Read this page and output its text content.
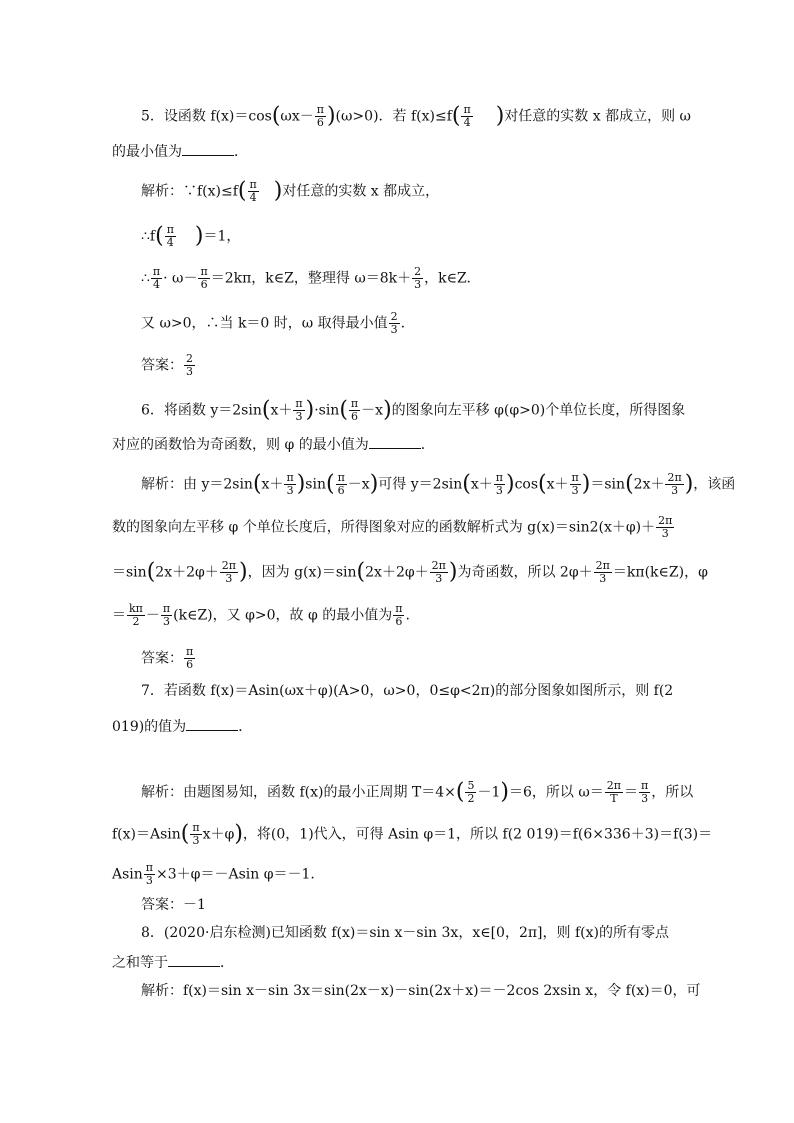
5．设函数 $f(x)=\cos(\omega x- \frac{\pi}{6} )(\omega>0)$．若 $f(x)\le f( \frac{\pi}{4}$ )对任意的实数 x 都成立，则 ω
的最小值为	．
解析：∵f(x)≤f( $\frac{\pi}{4}$ )对任意的实数 x 都成立，
∴f( $\frac{\pi}{4} )=1$，
∴ $\frac{\pi}{4} \cdot \omega- \frac{\pi}{6} =2k\pi$，k∈Z，整理得 $\omega=8k+ \frac{2}{3}$ ，k∈Z.
又 ω>0，∴当 k＝0 时，ω 取得最小值 $\frac{2}{3}$ .
答案： $\frac{2}{3}$
6．将函数 $y=2\sin(x+ \frac{\pi}{3} )\cdot\sin( \frac{\pi}{6} -x)$的图象向左平移 φ(φ>0)个单位长度，所得图象
对应的函数恰为奇函数，则 φ 的最小值为	．
解析：由 $y=2\sin(x+ \frac{\pi}{3} )\sin( \frac{\pi}{6} -x)$可得 $y=2\sin(x+ \frac{\pi}{3} )\cos(x+ \frac{\pi}{3} )=\sin(2x+ \frac{2\pi}{3}$ )，该函
数的图象向左平移 φ 个单位长度后，所得图象对应的函数解析式为 $g(x)=\sin 2(x+\varphi)+ \frac{2\pi}{3}$
$=\sin(2x+2\varphi+ \frac{2\pi}{3}$ )，因为 $g(x)=\sin(2x+2\varphi+ \frac{2\pi}{3}$ )为奇函数，所以 $2\varphi+ \frac{2\pi}{3}$ ＝kπ(k∈Z)，φ
＝ $\frac{k\pi}{2} - \frac{\pi}{3}$ (k∈Z)，又 φ>0，故 φ 的最小值为 $\frac{\pi}{6}$ .
答案： $\frac{\pi}{6}$
7．若函数 f(x)＝Asin(ωx＋φ)(A>0，ω>0，0≤φ<2π)的部分图象如图所示，则 f(2
019)的值为	．
解析：由题图易知，函数 f(x)的最小正周期 $T=4\times( \frac{5}{2} -1)=6$，所以 $\omega= \frac{2\pi}{T} = \frac{\pi}{3}$ ，所以
$f(x)=Asin( \frac{\pi}{3} x+\varphi)$，将(0，1)代入，可得 Asin φ＝1，所以 f(2 019)＝f(6×336＋3)＝f(3)＝
Asin $\frac{\pi}{3} \times 3+\varphi=-Asin$ φ＝－1.
答案：－1
8．(2020·启东检测)已知函数 f(x)＝sin x－sin 3x，x∈[0，2π]，则 f(x)的所有零点
之和等于	．
解析：f(x)＝sin x－sin 3x＝sin(2x－x)－sin(2x＋x)＝－2cos 2xsin x，令 f(x)＝0，可
